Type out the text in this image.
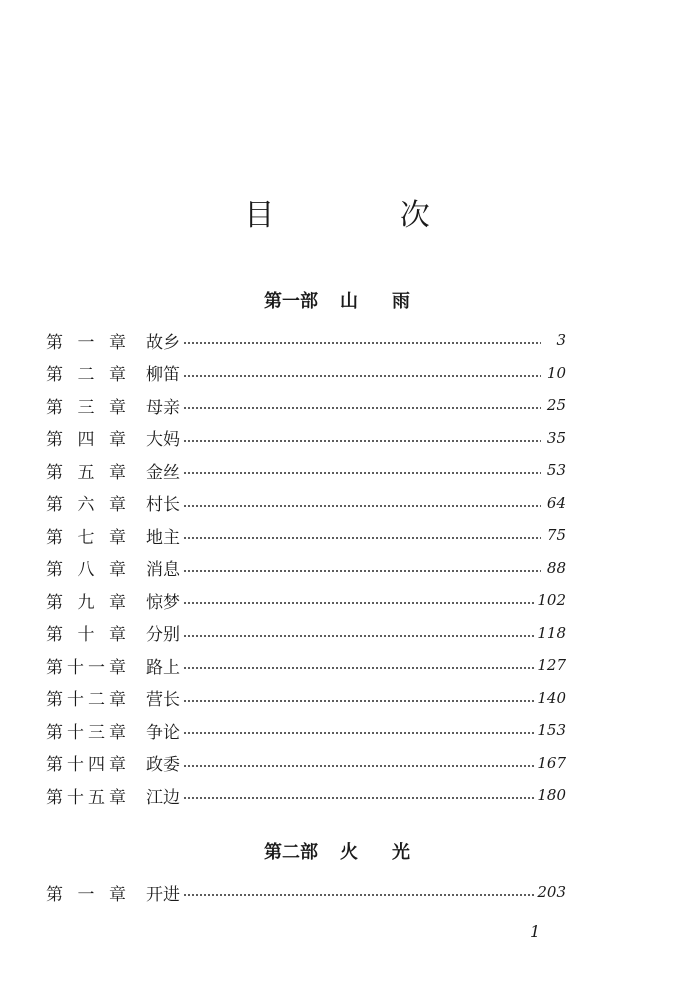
目 次
第一部 山 雨
第 一 章 故乡	3
第 二 章 柳笛	10
第 三 章 母亲	25
第 四 章 大妈	35
第 五 章 金丝	53
第 六 章 村长	64
第 七 章 地主	75
第 八 章 消息	88
第 九 章 惊梦	102
第 十 章 分别	118
第 十 一 章 路上	127
第 十 二 章 营长	140
第 十 三 章 争论	153
第 十 四 章 政委	167
第 十 五 章 江边	180
第二部 火 光
第 一 章 开进	203
1
